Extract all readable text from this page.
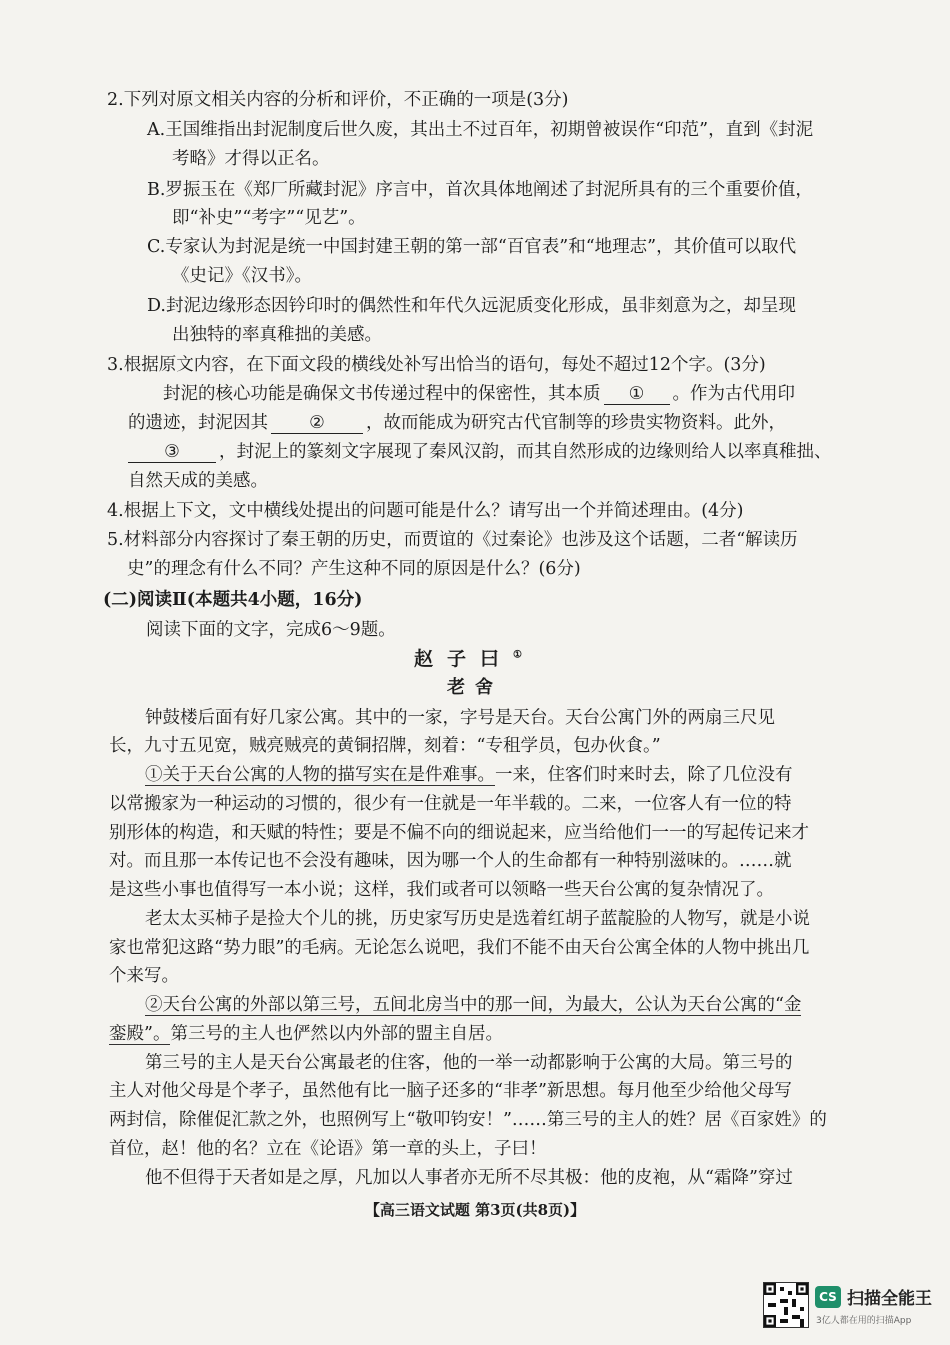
2.下列对原文相关内容的分析和评价，不正确的一项是(3分)
A.王国维指出封泥制度后世久废，其出土不过百年，初期曾被误作“印范”，直到《封泥
考略》才得以正名。
B.罗振玉在《郑厂所藏封泥》序言中，首次具体地阐述了封泥所具有的三个重要价值，
即“补史”“考字”“见艺”。
C.专家认为封泥是统一中国封建王朝的第一部“百官表”和“地理志”，其价值可以取代
《史记》《汉书》。
D.封泥边缘形态因钤印时的偶然性和年代久远泥质变化形成，虽非刻意为之，却呈现
出独特的率真稚拙的美感。
3.根据原文内容，在下面文段的横线处补写出恰当的语句，每处不超过12个字。(3分)
封泥的核心功能是确保文书传递过程中的保密性，其本质 ① 。作为古代用印
的遗迹，封泥因其 ② ，故而能成为研究古代官制等的珍贵实物资料。此外，
③ ，封泥上的篆刻文字展现了秦风汉韵，而其自然形成的边缘则给人以率真稚拙、
自然天成的美感。
4.根据上下文，文中横线处提出的问题可能是什么？请写出一个并简述理由。(4分)
5.材料部分内容探讨了秦王朝的历史，而贾谊的《过秦论》也涉及这个话题，二者“解读历
史”的理念有什么不同？产生这种不同的原因是什么？(6分)
(二)阅读Ⅱ(本题共4小题，16分)
阅读下面的文字，完成6～9题。
赵子曰①
老舍
钟鼓楼后面有好几家公寓。其中的一家，字号是天台。天台公寓门外的两扇三尺见
长，九寸五见宽，贼亮贼亮的黄铜招牌，刻着：“专租学员，包办伙食。”
①关于天台公寓的人物的描写实在是件难事。一来，住客们时来时去，除了几位没有
以常搬家为一种运动的习惯的，很少有一住就是一年半载的。二来，一位客人有一位的特
别形体的构造，和天赋的特性；要是不偏不向的细说起来，应当给他们一一的写起传记来才
对。而且那一本传记也不会没有趣味，因为哪一个人的生命都有一种特别滋味的。……就
是这些小事也值得写一本小说；这样，我们或者可以领略一些天台公寓的复杂情况了。
老太太买柿子是捡大个儿的挑，历史家写历史是选着红胡子蓝靛脸的人物写，就是小说
家也常犯这路“势力眼”的毛病。无论怎么说吧，我们不能不由天台公寓全体的人物中挑出几
个来写。
②天台公寓的外部以第三号，五间北房当中的那一间，为最大，公认为天台公寓的“金
銮殿”。第三号的主人也俨然以内外部的盟主自居。
第三号的主人是天台公寓最老的住客，他的一举一动都影响于公寓的大局。第三号的
主人对他父母是个孝子，虽然他有比一脑子还多的“非孝”新思想。每月他至少给他父母写
两封信，除催促汇款之外，也照例写上“敬叩钧安！”……第三号的主人的姓？居《百家姓》的
首位，赵！他的名？立在《论语》第一章的头上，子曰！
他不但得于天者如是之厚，凡加以人事者亦无所不尽其极：他的皮袍，从“霜降”穿过
【高三语文试题 第3页(共8页)】
CS 扫描全能王
3亿人都在用的扫描App
